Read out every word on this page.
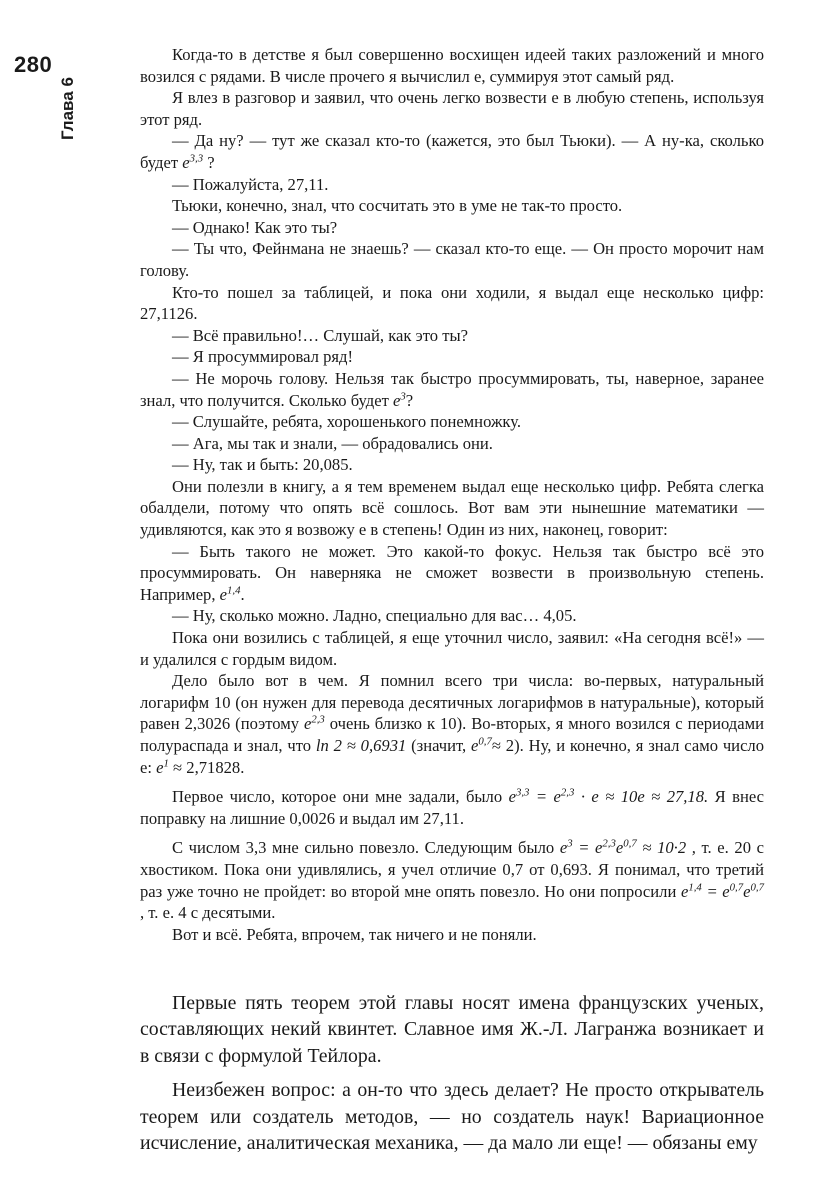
280
Глава 6

Когда-то в детстве я был совершенно восхищен идеей таких разложений и много возился с рядами. В числе прочего я вычислил e, суммируя этот самый ряд.

Я влез в разговор и заявил, что очень легко возвести e в любую степень, используя этот ряд.

— Да ну? — тут же сказал кто-то (кажется, это был Тьюки). — А ну-ка, сколько будет $e^{3,3}$ ?

— Пожалуйста, 27,11.

Тьюки, конечно, знал, что сосчитать это в уме не так-то просто.

— Однако! Как это ты?

— Ты что, Фейнмана не знаешь? — сказал кто-то еще. — Он просто морочит нам голову.

Кто-то пошел за таблицей, и пока они ходили, я выдал еще несколько цифр: 27,1126.

— Всё правильно!… Слушай, как это ты?

— Я просуммировал ряд!

— Не морочь голову. Нельзя так быстро просуммировать, ты, наверное, заранее знал, что получится. Сколько будет $e^3$?

— Слушайте, ребята, хорошенького понемножку.

— Ага, мы так и знали, — обрадовались они.

— Ну, так и быть: 20,085.

Они полезли в книгу, а я тем временем выдал еще несколько цифр. Ребята слегка обалдели, потому что опять всё сошлось. Вот вам эти нынешние математики — удивляются, как это я возвожу e в степень! Один из них, наконец, говорит:

— Быть такого не может. Это какой-то фокус. Нельзя так быстро всё это просуммировать. Он наверняка не сможет возвести в произвольную степень. Например, $e^{1,4}$.

— Ну, сколько можно. Ладно, специально для вас… 4,05.

Пока они возились с таблицей, я еще уточнил число, заявил: «На сегодня всё!» — и удалился с гордым видом.

Дело было вот в чем. Я помнил всего три числа: во-первых, натуральный логарифм 10 (он нужен для перевода десятичных логарифмов в натуральные), который равен 2,3026 (поэтому $e^{2,3}$ очень близко к 10). Во-вторых, я много возился с периодами полураспада и знал, что ln 2 ≈ 0,6931 (значит, $e^{0,7}\approx 2$). Ну, и конечно, я знал само число e: $e^1 \approx 2,71828$.

Первое число, которое они мне задали, было $e^{3,3} = e^{2,3} \cdot e \approx 10e \approx 27,18$. Я внес поправку на лишние 0,0026 и выдал им 27,11.

С числом 3,3 мне сильно повезло. Следующим было $e^3 = e^{2,3}e^{0,7} \approx 10\cdot 2$ , т. е. 20 с хвостиком. Пока они удивлялись, я учел отличие 0,7 от 0,693. Я понимал, что третий раз уже точно не пройдет: во второй мне опять повезло. Но они попросили $e^{1,4} = e^{0,7}e^{0,7}$ , т. е. 4 с десятыми.

Вот и всё. Ребята, впрочем, так ничего и не поняли.

Первые пять теорем этой главы носят имена французских ученых, составляющих некий квинтет. Славное имя Ж.-Л. Лагранжа возникает и в связи с формулой Тейлора.

Неизбежен вопрос: а он-то что здесь делает? Не просто открыватель теорем или создатель методов, — но создатель наук! Вариационное исчисление, аналитическая механика, — да мало ли еще! — обязаны ему
